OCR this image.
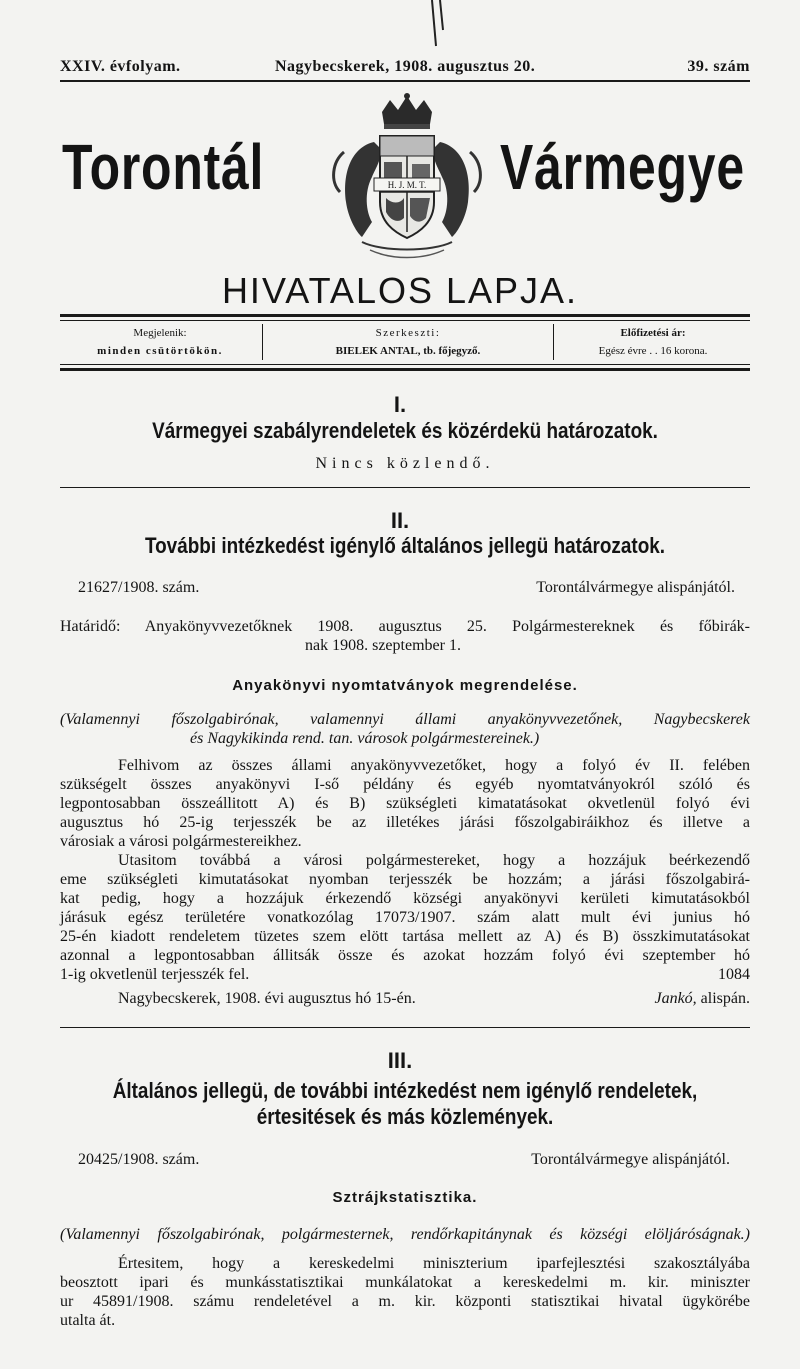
XXIV. évfolyam.	Nagybecskerek, 1908. augusztus 20.	39. szám
Torontál	Vármegye
H. J. M. T.
HIVATALOS LAPJA.
Megjelenik:
minden csütörtökön.
Szerkeszti:
BIELEK ANTAL, tb. főjegyző.
Előfizetési ár:
Egész évre . . 16 korona.
I.
Vármegyei szabályrendeletek és közérdekü határozatok.
Nincs közlendő.
II.
További intézkedést igénylő általános jellegü határozatok.
21627/1908. szám.	Torontálvármegye alispánjától.
Határidő: Anyakönyvvezetőknek 1908. augusztus 25. Polgármestereknek és főbirák-
nak 1908. szeptember 1.
Anyakönyvi nyomtatványok megrendelése.
(Valamennyi főszolgabirónak, valamennyi állami anyakönyvvezetőnek, Nagybecskerek
és Nagykikinda rend. tan. városok polgármestereinek.)
Felhivom az összes állami anyakönyvvezetőket, hogy a folyó év II. felében
szükségelt összes anyakönyvi I-ső példány és egyéb nyomtatványokról szóló és
legpontosabban összeállitott A) és B) szükségleti kimatatásokat okvetlenül folyó évi
augusztus hó 25-ig terjesszék be az illetékes járási főszolgabiráikhoz és illetve a
városiak a városi polgármestereikhez.
Utasitom továbbá a városi polgármestereket, hogy a hozzájuk beérkezendő
eme szükségleti kimutatásokat nyomban terjesszék be hozzám; a járási főszolgabirá-
kat pedig, hogy a hozzájuk érkezendő községi anyakönyvi kerületi kimutatásokból
járásuk egész területére vonatkozólag 17073/1907. szám alatt mult évi junius hó
25-én kiadott rendeletem tüzetes szem elött tartása mellett az A) és B) összkimutatásokat
azonnal a legpontosabban állitsák össze és azokat hozzám folyó évi szeptember hó
1-ig okvetlenül terjesszék fel.	1084
Nagybecskerek, 1908. évi augusztus hó 15-én.	Jankó, alispán.
III.
Általános jellegü, de további intézkedést nem igénylő rendeletek,
értesitések és más közlemények.
20425/1908. szám.	Torontálvármegye alispánjától.
Sztrájkstatisztika.
(Valamennyi főszolgabirónak, polgármesternek, rendőrkapitánynak és községi elöljáróságnak.)
Értesitem, hogy a kereskedelmi miniszterium iparfejlesztési szakosztályába
beosztott ipari és munkásstatisztikai munkálatokat a kereskedelmi m. kir. miniszter
ur 45891/1908. számu rendeletével a m. kir. központi statisztikai hivatal ügykörébe
utalta át.
